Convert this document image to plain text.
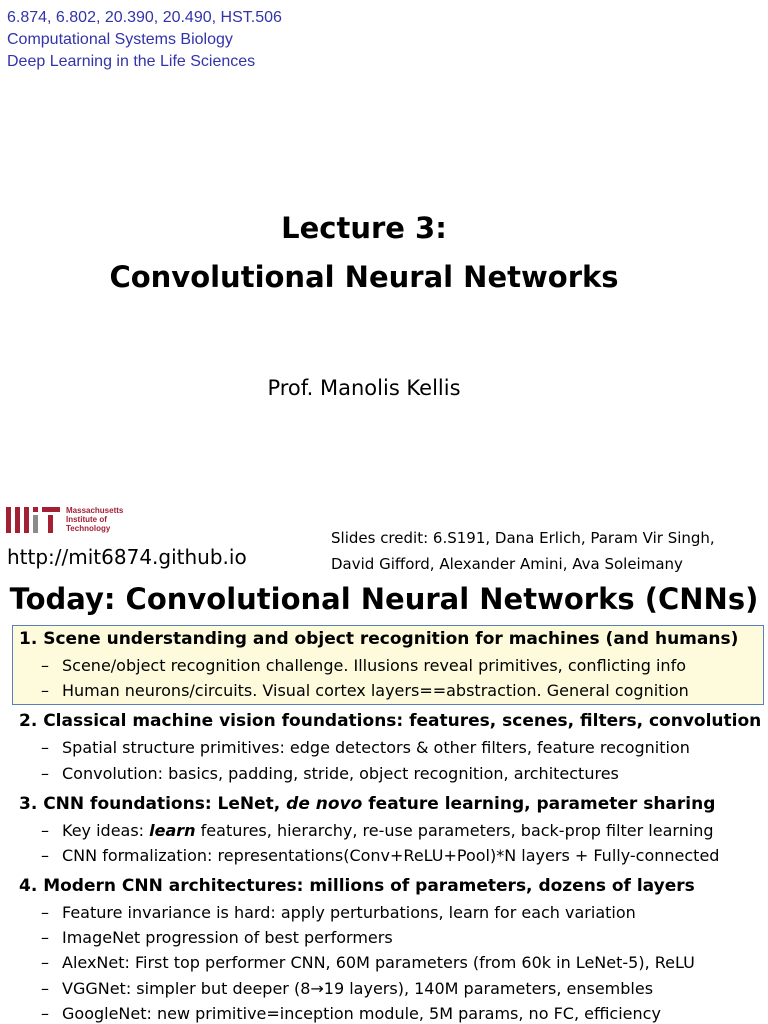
6.874, 6.802, 20.390, 20.490, HST.506
Computational Systems Biology
Deep Learning in the Life Sciences
Lecture 3:
Convolutional Neural Networks
Prof. Manolis Kellis
Massachusetts
Institute of
Technology
http://mit6874.github.io
Slides credit: 6.S191, Dana Erlich, Param Vir Singh,
David Gifford, Alexander Amini, Ava Soleimany
Today: Convolutional Neural Networks (CNNs)
1. Scene understanding and object recognition for machines (and humans)
– Scene/object recognition challenge. Illusions reveal primitives, conflicting info
– Human neurons/circuits. Visual cortex layers==abstraction. General cognition
2. Classical machine vision foundations: features, scenes, filters, convolution
– Spatial structure primitives: edge detectors & other filters, feature recognition
– Convolution: basics, padding, stride, object recognition, architectures
3. CNN foundations: LeNet, de novo feature learning, parameter sharing
– Key ideas: learn features, hierarchy, re-use parameters, back-prop filter learning
– CNN formalization: representations(Conv+ReLU+Pool)*N layers + Fully-connected
4. Modern CNN architectures: millions of parameters, dozens of layers
– Feature invariance is hard: apply perturbations, learn for each variation
– ImageNet progression of best performers
– AlexNet: First top performer CNN, 60M parameters (from 60k in LeNet-5), ReLU
– VGGNet: simpler but deeper (8→19 layers), 140M parameters, ensembles
– GoogleNet: new primitive=inception module, 5M params, no FC, efficiency
